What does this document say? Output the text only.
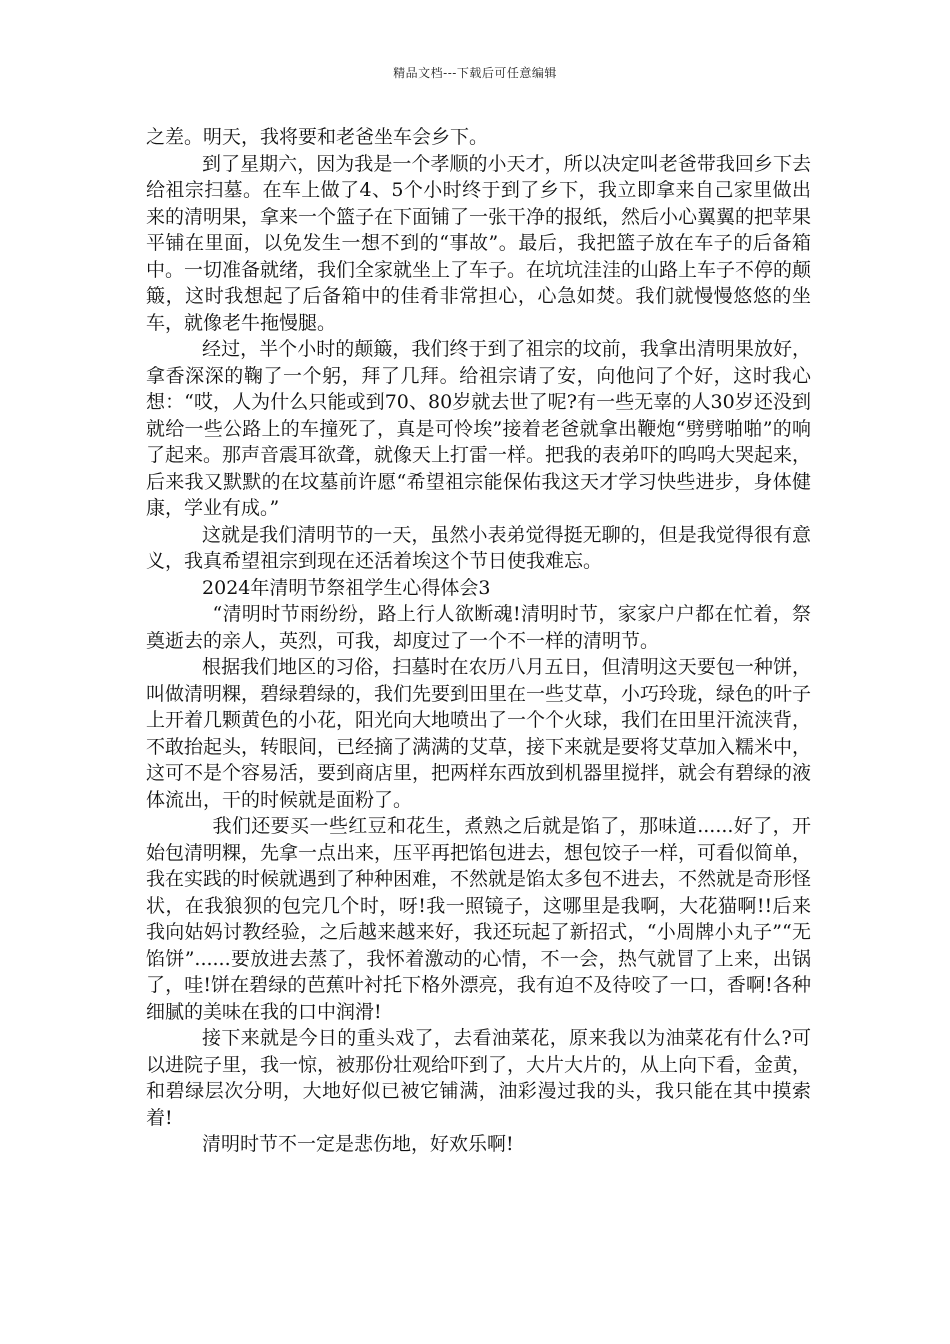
精品文档---下载后可任意编辑

之差。明天，我将要和老爸坐车会乡下。

到了星期六，因为我是一个孝顺的小天才，所以决定叫老爸带我回乡下去给祖宗扫墓。在车上做了4、5个小时终于到了乡下，我立即拿来自己家里做出来的清明果，拿来一个篮子在下面铺了一张干净的报纸，然后小心翼翼的把苹果平铺在里面，以免发生一想不到的“事故”。最后，我把篮子放在车子的后备箱中。一切准备就绪，我们全家就坐上了车子。在坑坑洼洼的山路上车子不停的颠簸，这时我想起了后备箱中的佳肴非常担心，心急如焚。我们就慢慢悠悠的坐车，就像老牛拖慢腿。

经过，半个小时的颠簸，我们终于到了祖宗的坟前，我拿出清明果放好，拿香深深的鞠了一个躬，拜了几拜。给祖宗请了安，向他问了个好，这时我心想：“哎，人为什么只能或到70、80岁就去世了呢?有一些无辜的人30岁还没到就给一些公路上的车撞死了，真是可怜埃”接着老爸就拿出鞭炮“劈劈啪啪”的响了起来。那声音震耳欲聋，就像天上打雷一样。把我的表弟吓的呜呜大哭起来，后来我又默默的在坟墓前许愿“希望祖宗能保佑我这天才学习快些进步，身体健康，学业有成。”

这就是我们清明节的一天，虽然小表弟觉得挺无聊的，但是我觉得很有意义，我真希望祖宗到现在还活着埃这个节日使我难忘。

2024年清明节祭祖学生心得体会3

“清明时节雨纷纷，路上行人欲断魂!清明时节，家家户户都在忙着，祭奠逝去的亲人，英烈，可我，却度过了一个不一样的清明节。

根据我们地区的习俗，扫墓时在农历八月五日，但清明这天要包一种饼，叫做清明粿，碧绿碧绿的，我们先要到田里在一些艾草，小巧玲珑，绿色的叶子上开着几颗黄色的小花，阳光向大地喷出了一个个火球，我们在田里汗流浃背，不敢抬起头，转眼间，已经摘了满满的艾草，接下来就是要将艾草加入糯米中，这可不是个容易活，要到商店里，把两样东西放到机器里搅拌，就会有碧绿的液体流出，干的时候就是面粉了。

我们还要买一些红豆和花生，煮熟之后就是馅了，那味道......好了，开始包清明粿，先拿一点出来，压平再把馅包进去，想包饺子一样，可看似简单，我在实践的时候就遇到了种种困难，不然就是馅太多包不进去，不然就是奇形怪状，在我狼狈的包完几个时，呀!我一照镜子，这哪里是我啊，大花猫啊!!后来我向姑妈讨教经验，之后越来越来好，我还玩起了新招式，“小周牌小丸子”“无馅饼”......要放进去蒸了，我怀着激动的心情，不一会，热气就冒了上来，出锅了，哇!饼在碧绿的芭蕉叶衬托下格外漂亮，我有迫不及待咬了一口，香啊!各种细腻的美味在我的口中润滑!

接下来就是今日的重头戏了，去看油菜花，原来我以为油菜花有什么?可以进院子里，我一惊，被那份壮观给吓到了，大片大片的，从上向下看，金黄，和碧绿层次分明，大地好似已被它铺满，油彩漫过我的头，我只能在其中摸索着!

清明时节不一定是悲伤地，好欢乐啊!
